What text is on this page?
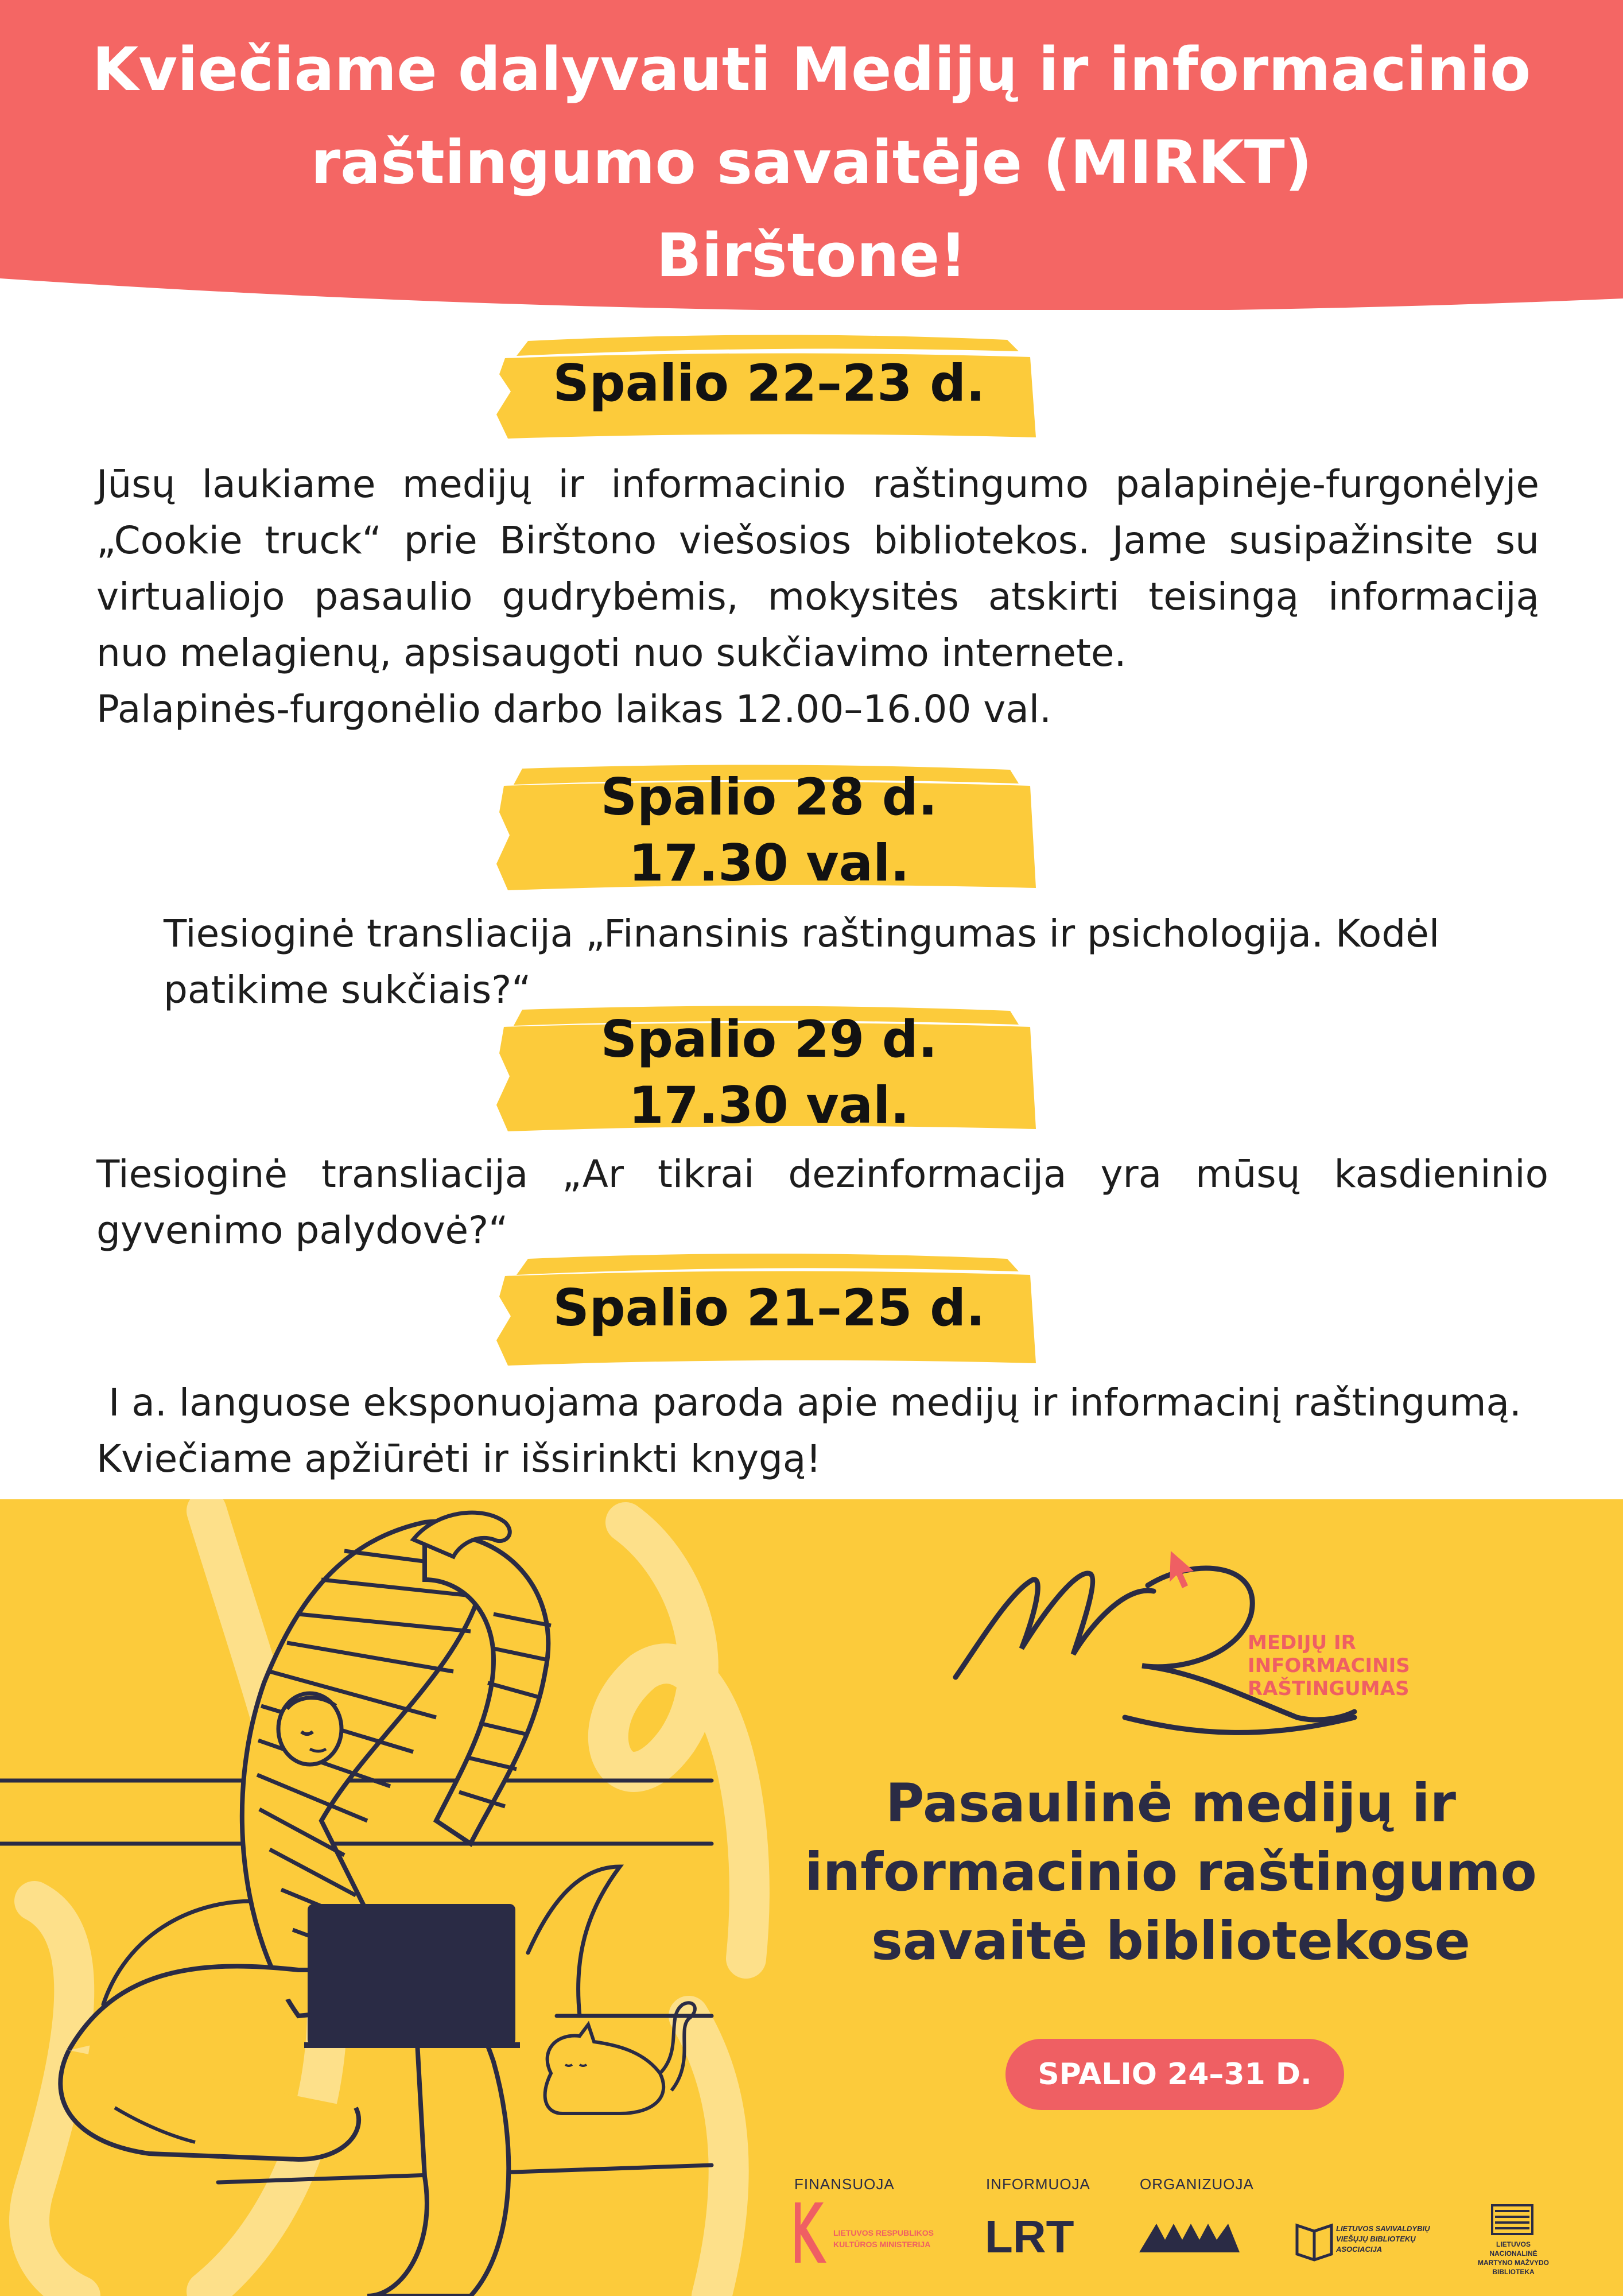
Kviečiame dalyvauti Medijų ir informacinio
raštingumo savaitėje (MIRKT)
Birštone!
Spalio 22–23 d.

Jūsų laukiame medijų ir informacinio raštingumo palapinėje-furgonėlyje
„Cookie truck“ prie Birštono viešosios bibliotekos. Jame susipažinsite su
virtualiojo pasaulio gudrybėmis, mokysitės atskirti teisingą informaciją
nuo melagienų, apsisaugoti nuo sukčiavimo internete.
Palapinės-furgonėlio darbo laikas 12.00–16.00 val.

Spalio 28 d.
17.30 val.

Tiesioginė transliacija „Finansinis raštingumas ir psichologija. Kodėl
patikime sukčiais?“

Spalio 29 d.
17.30 val.

Tiesioginė transliacija „Ar tikrai dezinformacija yra mūsų kasdieninio
gyvenimo palydovė?“

Spalio 21–25 d.

I a. languose eksponuojama paroda apie medijų ir informacinį raštingumą.
Kviečiame apžiūrėti ir išsirinkti knygą!

MEDIJŲ IR
INFORMACINIS
RAŠTINGUMAS
Pasaulinė medijų ir
informacinio raštingumo
savaitė bibliotekose
SPALIO 24–31 D.
FINANSUOJA	INFORMUOJA	ORGANIZUOJA
LIETUVOS RESPUBLIKOS
KULTŪROS MINISTERIJA LRT	LIETUVOS SAVIVALDYBIŲ
VIEŠŲJŲ BIBLIOTEKŲ
ASOCIACIJA
LIETUVOS NACIONALINĖ
MARTYNO MAŽVYDO
BIBLIOTEKA
